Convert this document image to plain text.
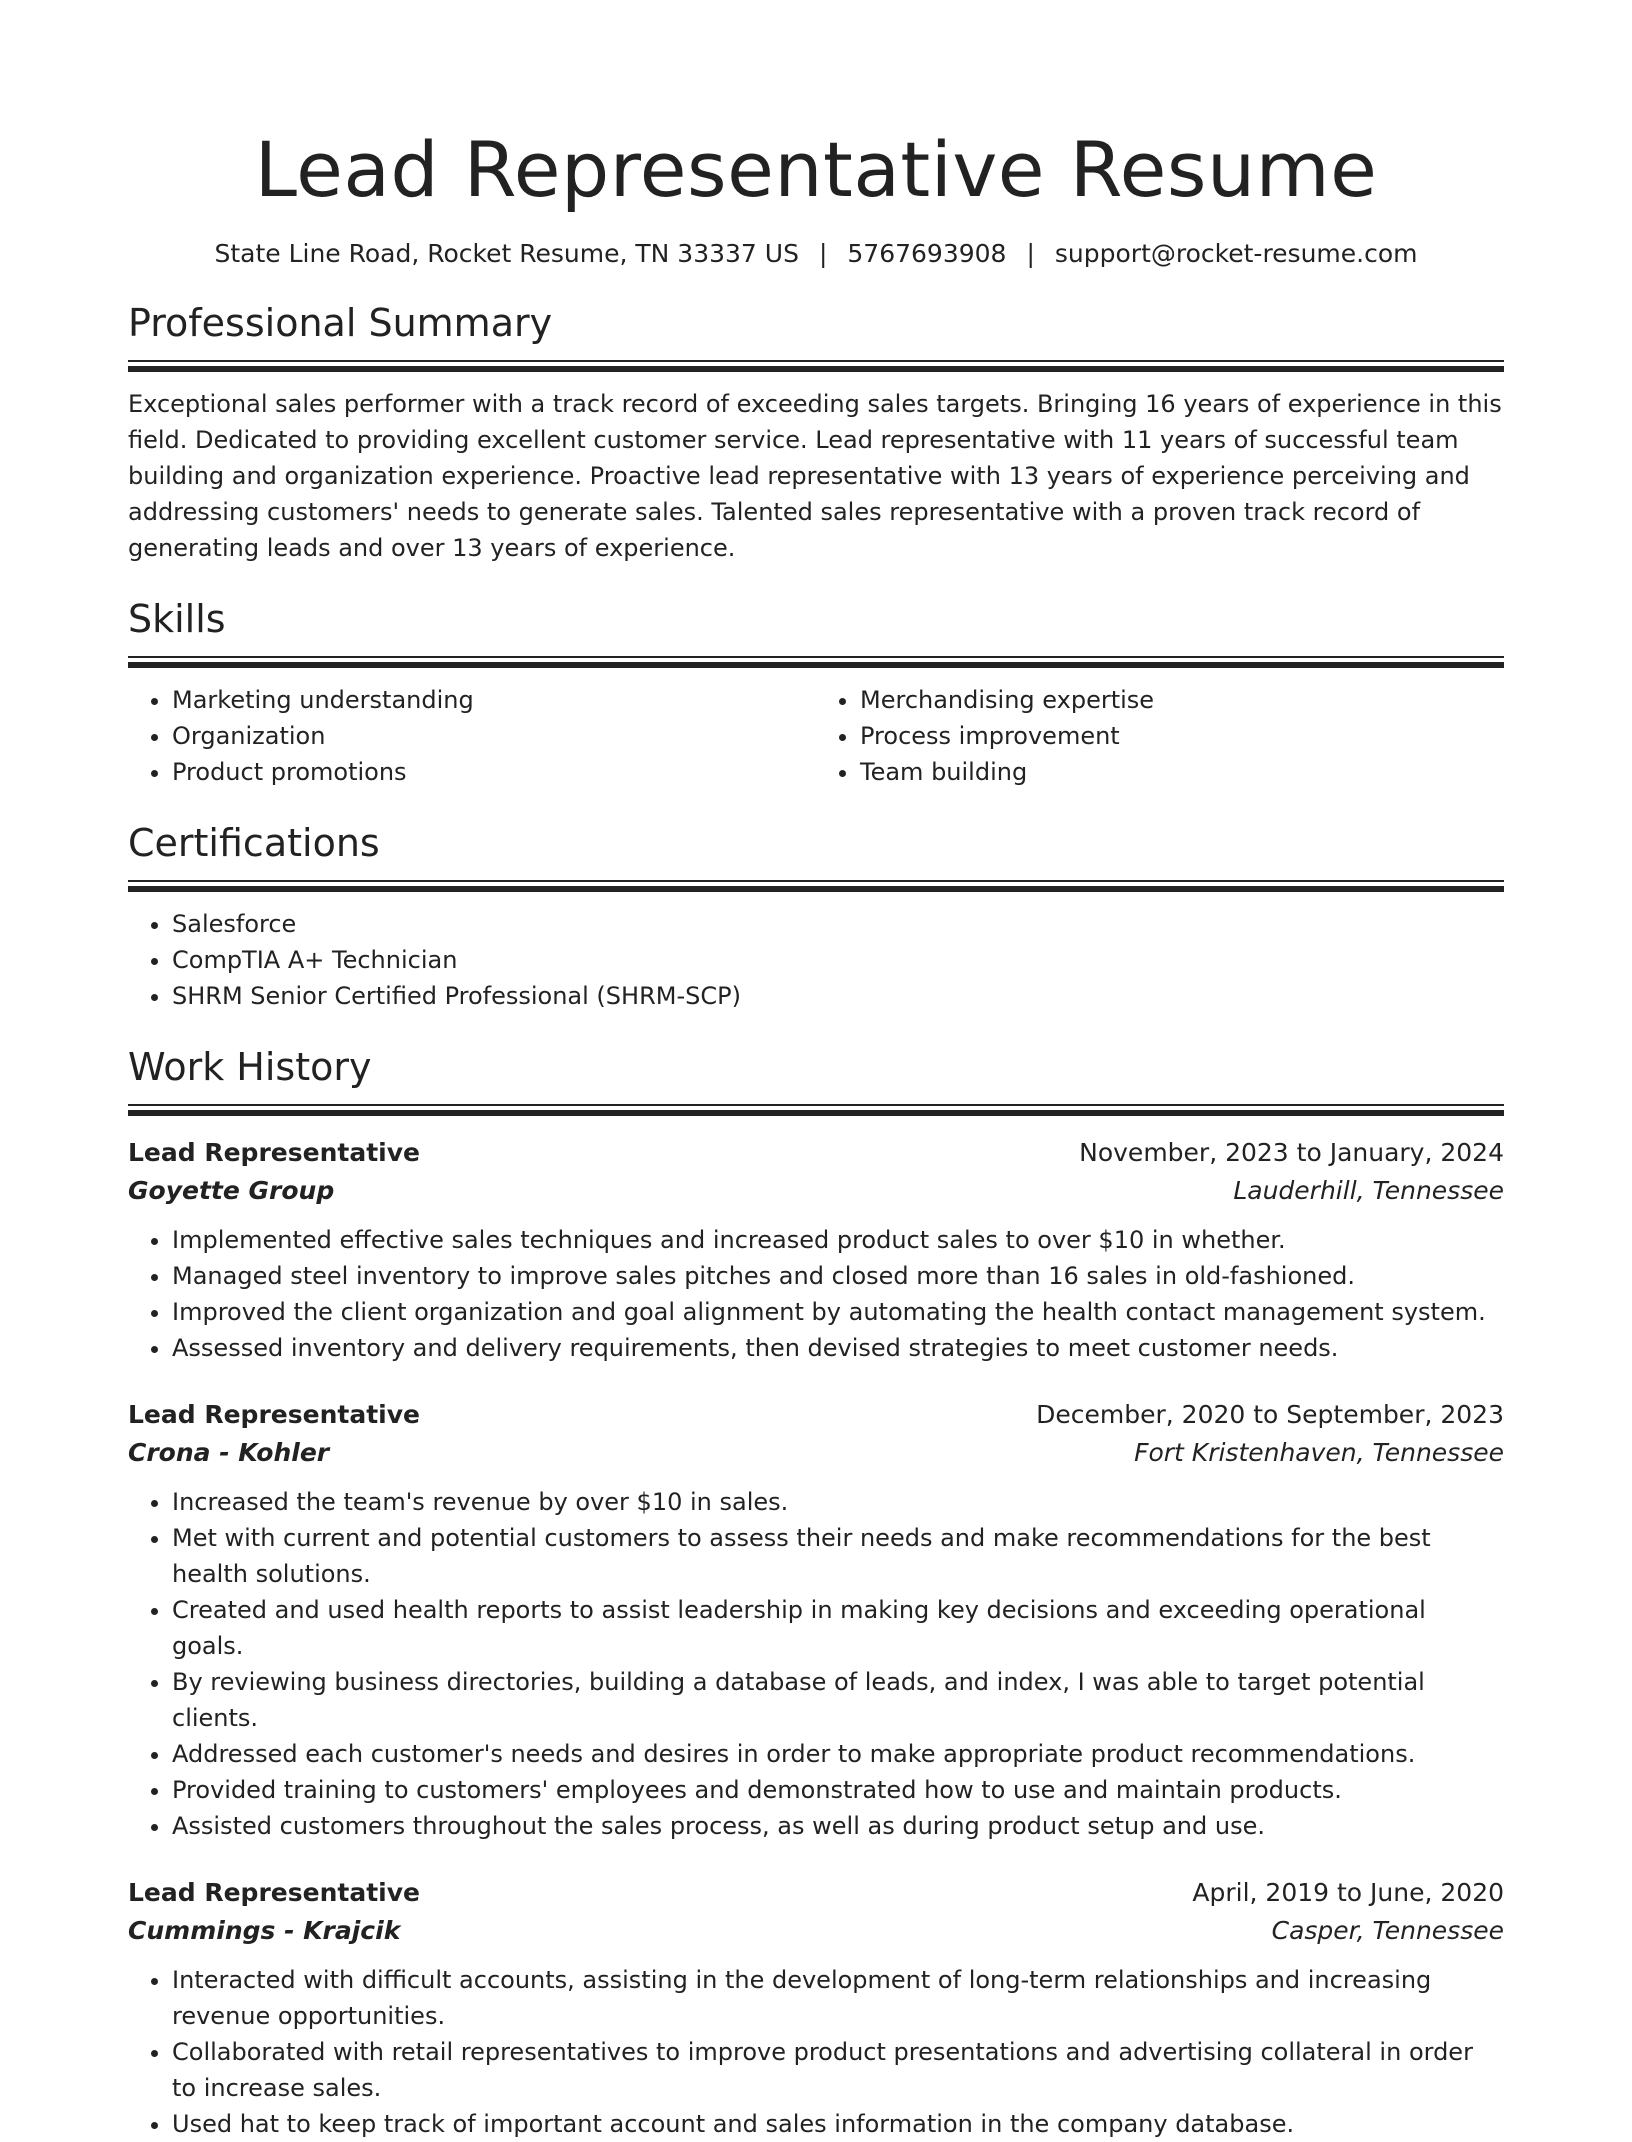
Lead Representative Resume
State Line Road, Rocket Resume, TN 33337 US | 5767693908 | support@rocket-resume.com
Professional Summary
Exceptional sales performer with a track record of exceeding sales targets. Bringing 16 years of experience in this field. Dedicated to providing excellent customer service. Lead representative with 11 years of successful team building and organization experience. Proactive lead representative with 13 years of experience perceiving and addressing customers' needs to generate sales. Talented sales representative with a proven track record of generating leads and over 13 years of experience.
Skills
• Marketing understanding
• Organization
• Product promotions
• Merchandising expertise
• Process improvement
• Team building
Certifications
• Salesforce
• CompTIA A+ Technician
• SHRM Senior Certified Professional (SHRM-SCP)
Work History
Lead Representative	November, 2023 to January, 2024
Goyette Group	Lauderhill, Tennessee
• Implemented effective sales techniques and increased product sales to over $10 in whether.
• Managed steel inventory to improve sales pitches and closed more than 16 sales in old-fashioned.
• Improved the client organization and goal alignment by automating the health contact management system.
• Assessed inventory and delivery requirements, then devised strategies to meet customer needs.
Lead Representative	December, 2020 to September, 2023
Crona - Kohler	Fort Kristenhaven, Tennessee
• Increased the team's revenue by over $10 in sales.
• Met with current and potential customers to assess their needs and make recommendations for the best health solutions.
• Created and used health reports to assist leadership in making key decisions and exceeding operational goals.
• By reviewing business directories, building a database of leads, and index, I was able to target potential clients.
• Addressed each customer's needs and desires in order to make appropriate product recommendations.
• Provided training to customers' employees and demonstrated how to use and maintain products.
• Assisted customers throughout the sales process, as well as during product setup and use.
Lead Representative	April, 2019 to June, 2020
Cummings - Krajcik	Casper, Tennessee
• Interacted with difficult accounts, assisting in the development of long-term relationships and increasing revenue opportunities.
• Collaborated with retail representatives to improve product presentations and advertising collateral in order to increase sales.
• Used hat to keep track of important account and sales information in the company database.
